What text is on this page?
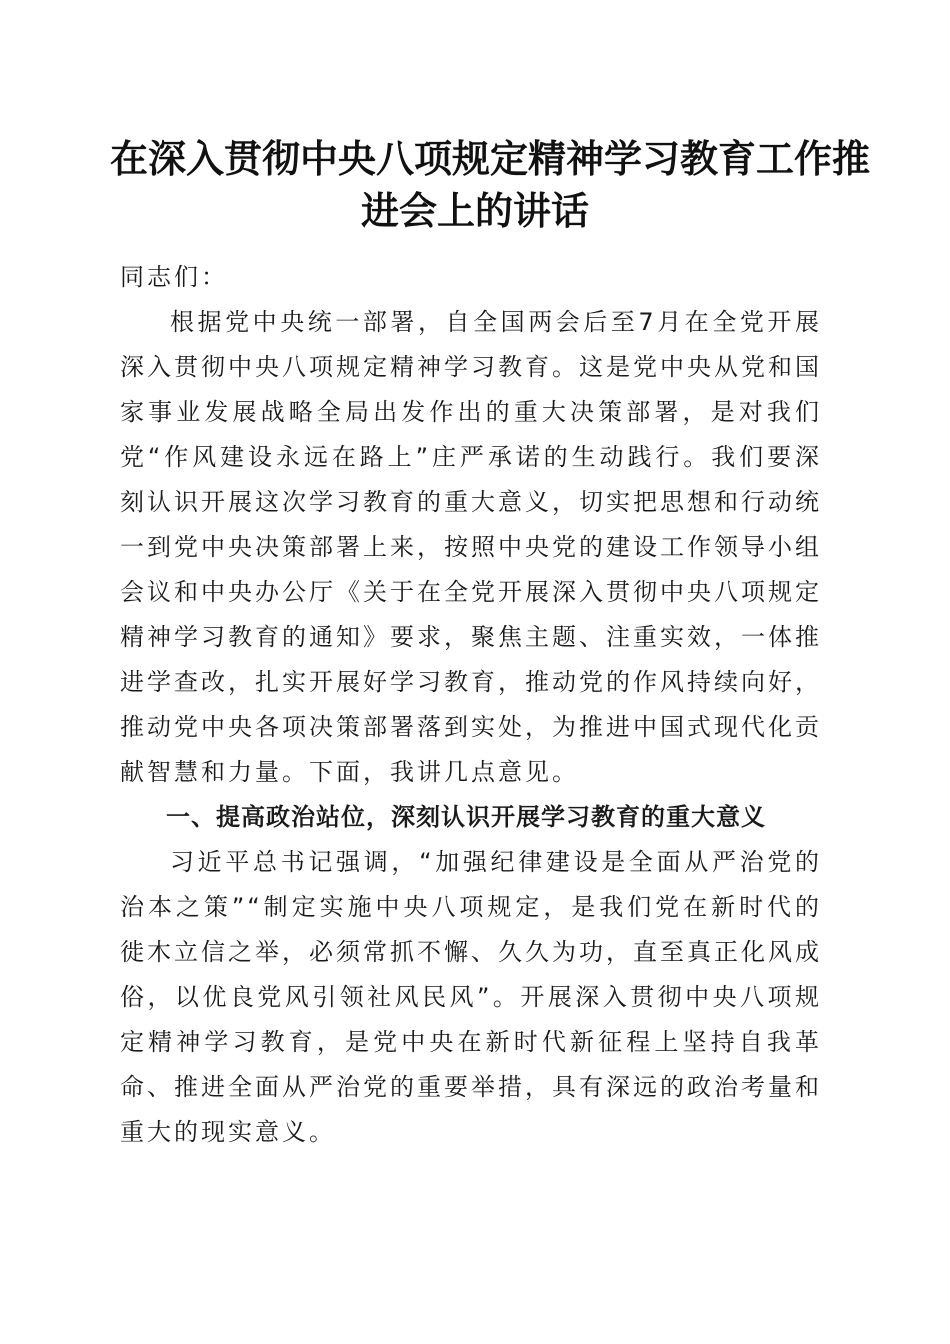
在深入贯彻中央八项规定精神学习教育工作推
进会上的讲话

同志们：

根据党中央统一部署，自全国两会后至7月在全党开展深入贯彻中央八项规定精神学习教育。这是党中央从党和国家事业发展战略全局出发作出的重大决策部署，是对我们党“作风建设永远在路上”庄严承诺的生动践行。我们要深刻认识开展这次学习教育的重大意义，切实把思想和行动统一到党中央决策部署上来，按照中央党的建设工作领导小组会议和中央办公厅《关于在全党开展深入贯彻中央八项规定精神学习教育的通知》要求，聚焦主题、注重实效，一体推进学查改，扎实开展好学习教育，推动党的作风持续向好，推动党中央各项决策部署落到实处，为推进中国式现代化贡献智慧和力量。下面，我讲几点意见。

一、提高政治站位，深刻认识开展学习教育的重大意义

习近平总书记强调，“加强纪律建设是全面从严治党的治本之策”“制定实施中央八项规定，是我们党在新时代的徙木立信之举，必须常抓不懈、久久为功，直至真正化风成俗，以优良党风引领社风民风”。开展深入贯彻中央八项规定精神学习教育，是党中央在新时代新征程上坚持自我革命、推进全面从严治党的重要举措，具有深远的政治考量和重大的现实意义。
